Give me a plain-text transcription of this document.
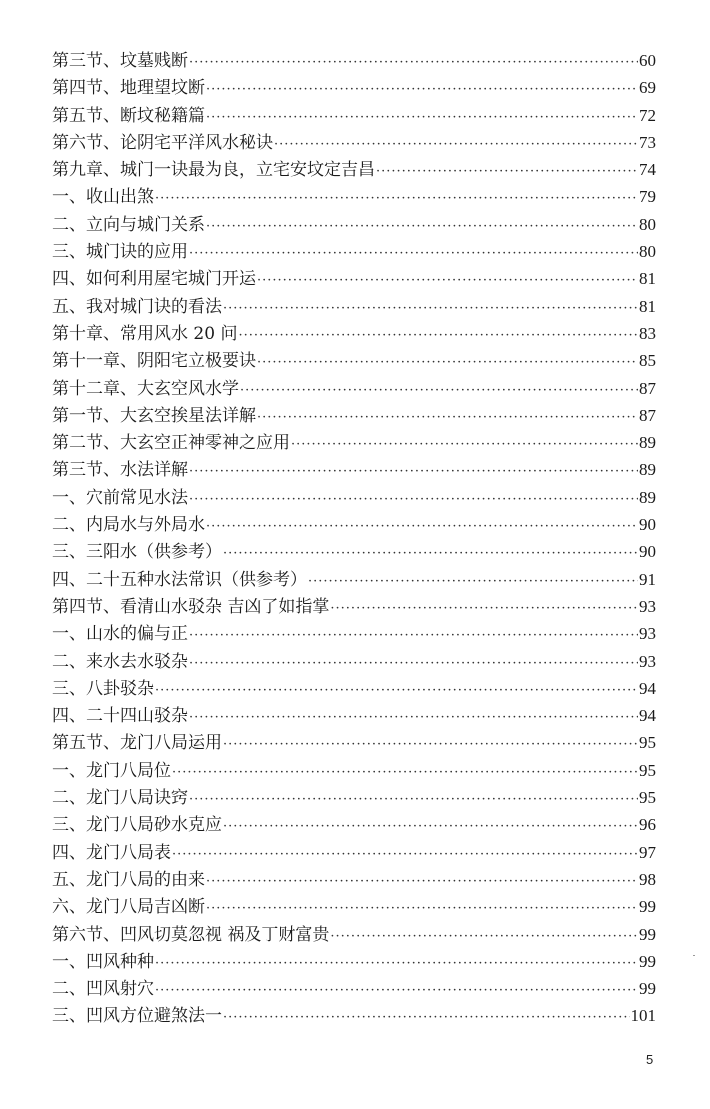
第三节、坟墓贱断 ·····	60
第四节、地理望坟断 ·····	69
第五节、断坟秘籍篇 ·····	72
第六节、论阴宅平洋风水秘诀 ·····	73
第九章、城门一诀最为良，立宅安坟定吉昌 ·····	74
一、收山出煞 ·····	79
二、立向与城门关系 ·····	80
三、城门诀的应用 ·····	80
四、如何利用屋宅城门开运 ·····	81
五、我对城门诀的看法 ·····	81
第十章、常用风水 20 问 ·····	83
第十一章、阴阳宅立极要诀 ·····	85
第十二章、大玄空风水学 ·····	87
第一节、大玄空挨星法详解 ·····	87
第二节、大玄空正神零神之应用 ·····	89
第三节、水法详解 ·····	89
一、穴前常见水法 ·····	89
二、内局水与外局水 ·····	90
三、三阳水（供参考） ·····	90
四、二十五种水法常识（供参考） ·····	91
第四节、看清山水驳杂 吉凶了如指掌 ·····	93
一、山水的偏与正 ·····	93
二、来水去水驳杂 ·····	93
三、八卦驳杂 ·····	94
四、二十四山驳杂 ·····	94
第五节、龙门八局运用 ·····	95
一、龙门八局位 ·····	95
二、龙门八局诀窍 ·····	95
三、龙门八局砂水克应 ·····	96
四、龙门八局表 ·····	97
五、龙门八局的由来 ·····	98
六、龙门八局吉凶断 ·····	99
第六节、凹风切莫忽视 祸及丁财富贵 ·····	99
一、凹风种种 ·····	99
二、凹风射穴 ·····	99
三、凹风方位避煞法一 ·····	101
5
